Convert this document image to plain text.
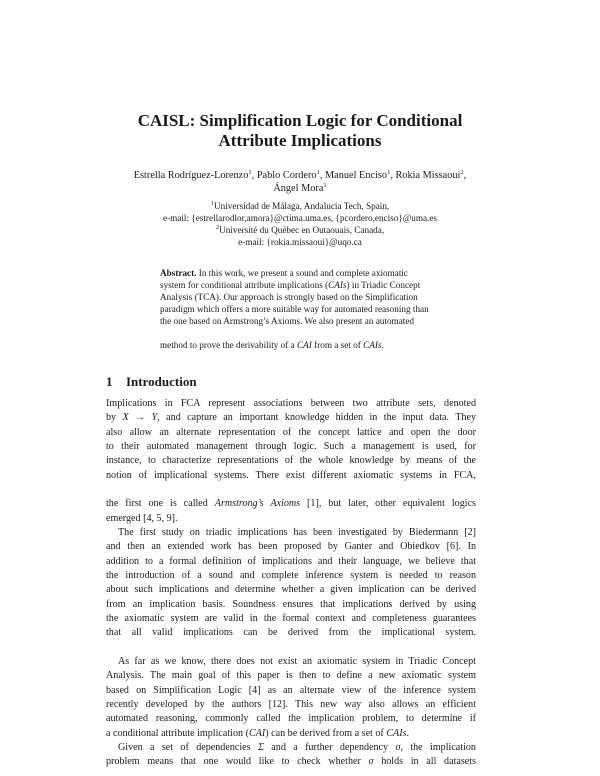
CAISL: Simplification Logic for Conditional
Attribute Implications
Estrella Rodríguez-Lorenzo$^1$, Pablo Cordero$^1$, Manuel Enciso$^1$, Rokia Missaoui$^2$,
Ángel Mora$^1$
$^1$Universidad de Málaga, Andalucía Tech, Spain,
e-mail: {estrellarodlor,amora}@ctima.uma.es, {pcordero,enciso}@uma.es
$^2$Université du Québec en Outaouais, Canada,
e-mail: {rokia.missaoui}@uqo.ca
Abstract. In this work, we present a sound and complete axiomatic
system for conditional attribute implications (CAIs) in Triadic Concept
Analysis (TCA). Our approach is strongly based on the Simplification
paradigm which offers a more suitable way for automated reasoning than
the one based on Armstrong’s Axioms. We also present an automated

method to prove the derivability of a CAI from a set of CAIs.
1 Introduction
Implications in FCA represent associations between two attribute sets, denoted
by X → Y, and capture an important knowledge hidden in the input data. They
also allow an alternate representation of the concept lattice and open the door
to their automated management through logic. Such a management is used, for
instance, to characterize representations of the whole knowledge by means of the
notion of implicational systems. There exist different axiomatic systems in FCA,

the first one is called Armstrong’s Axioms [1], but later, other equivalent logics
emerged [4, 5, 9].
The first study on triadic implications has been investigated by Biedermann [2]
and then an extended work has been proposed by Ganter and Obiedkov [6]. In
addition to a formal definition of implications and their language, we believe that
the introduction of a sound and complete inference system is needed to reason
about such implications and determine whether a given implication can be derived
from an implication basis. Soundness ensures that implications derived by using
the axiomatic system are valid in the formal context and completeness guarantees
that all valid implications can be derived from the implicational system.

As far as we know, there does not exist an axiomatic system in Triadic Concept
Analysis. The main goal of this paper is then to define a new axiomatic system
based on Simplification Logic [4] as an alternate view of the inference system
recently developed by the authors [12]. This new way also allows an efficient
automated reasoning, commonly called the implication problem, to determine if
a conditional attribute implication (CAI) can be derived from a set of CAIs.
Given a set of dependencies Σ and a further dependency σ, the implication
problem means that one would like to check whether σ holds in all datasets
